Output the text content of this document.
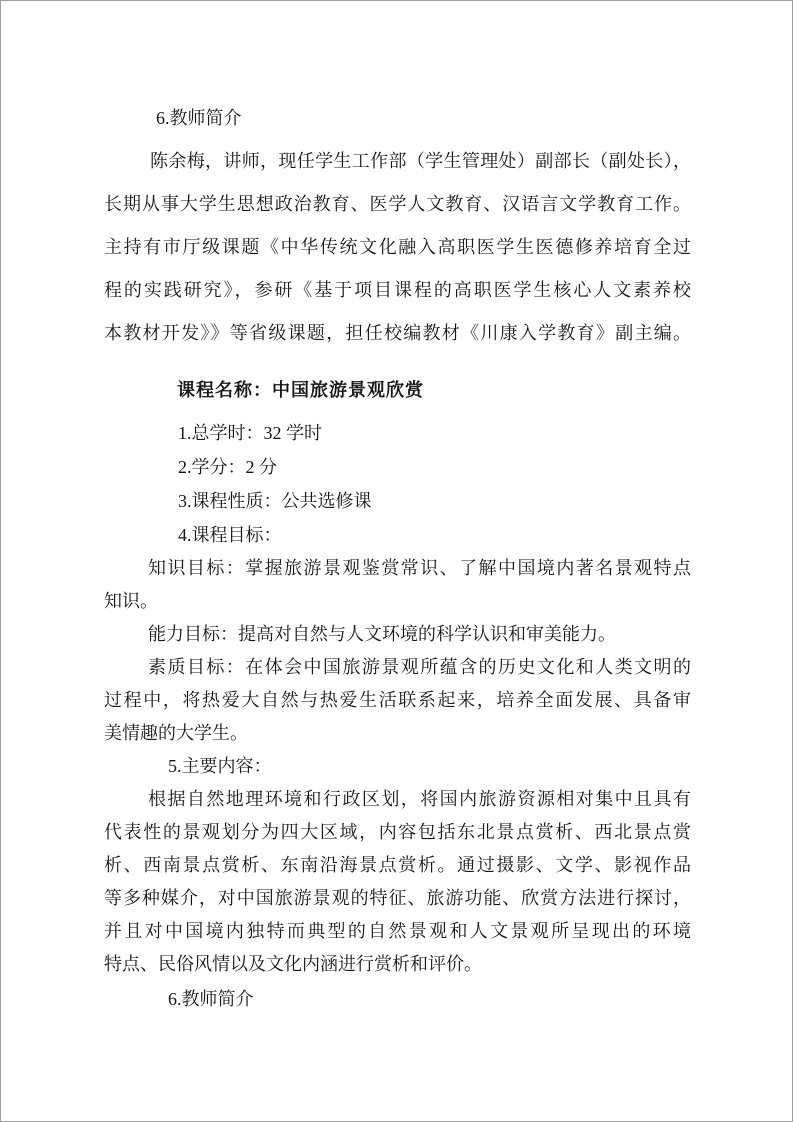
6.教师简介

陈余梅，讲师，现任学生工作部（学生管理处）副部长（副处长），

长期从事大学生思想政治教育、医学人文教育、汉语言文学教育工作。

主持有市厅级课题《中华传统文化融入高职医学生医德修养培育全过

程的实践研究》，参研《基于项目课程的高职医学生核心人文素养校

本教材开发》》等省级课题，担任校编教材《川康入学教育》副主编。

课程名称：中国旅游景观欣赏

1.总学时：32 学时

2.学分：2 分

3.课程性质：公共选修课

4.课程目标：

知识目标：掌握旅游景观鉴赏常识、了解中国境内著名景观特点

知识。

能力目标：提高对自然与人文环境的科学认识和审美能力。

素质目标：在体会中国旅游景观所蕴含的历史文化和人类文明的

过程中，将热爱大自然与热爱生活联系起来，培养全面发展、具备审

美情趣的大学生。

5.主要内容：

根据自然地理环境和行政区划，将国内旅游资源相对集中且具有

代表性的景观划分为四大区域，内容包括东北景点赏析、西北景点赏

析、西南景点赏析、东南沿海景点赏析。通过摄影、文学、影视作品

等多种媒介，对中国旅游景观的特征、旅游功能、欣赏方法进行探讨，

并且对中国境内独特而典型的自然景观和人文景观所呈现出的环境

特点、民俗风情以及文化内涵进行赏析和评价。

6.教师简介
